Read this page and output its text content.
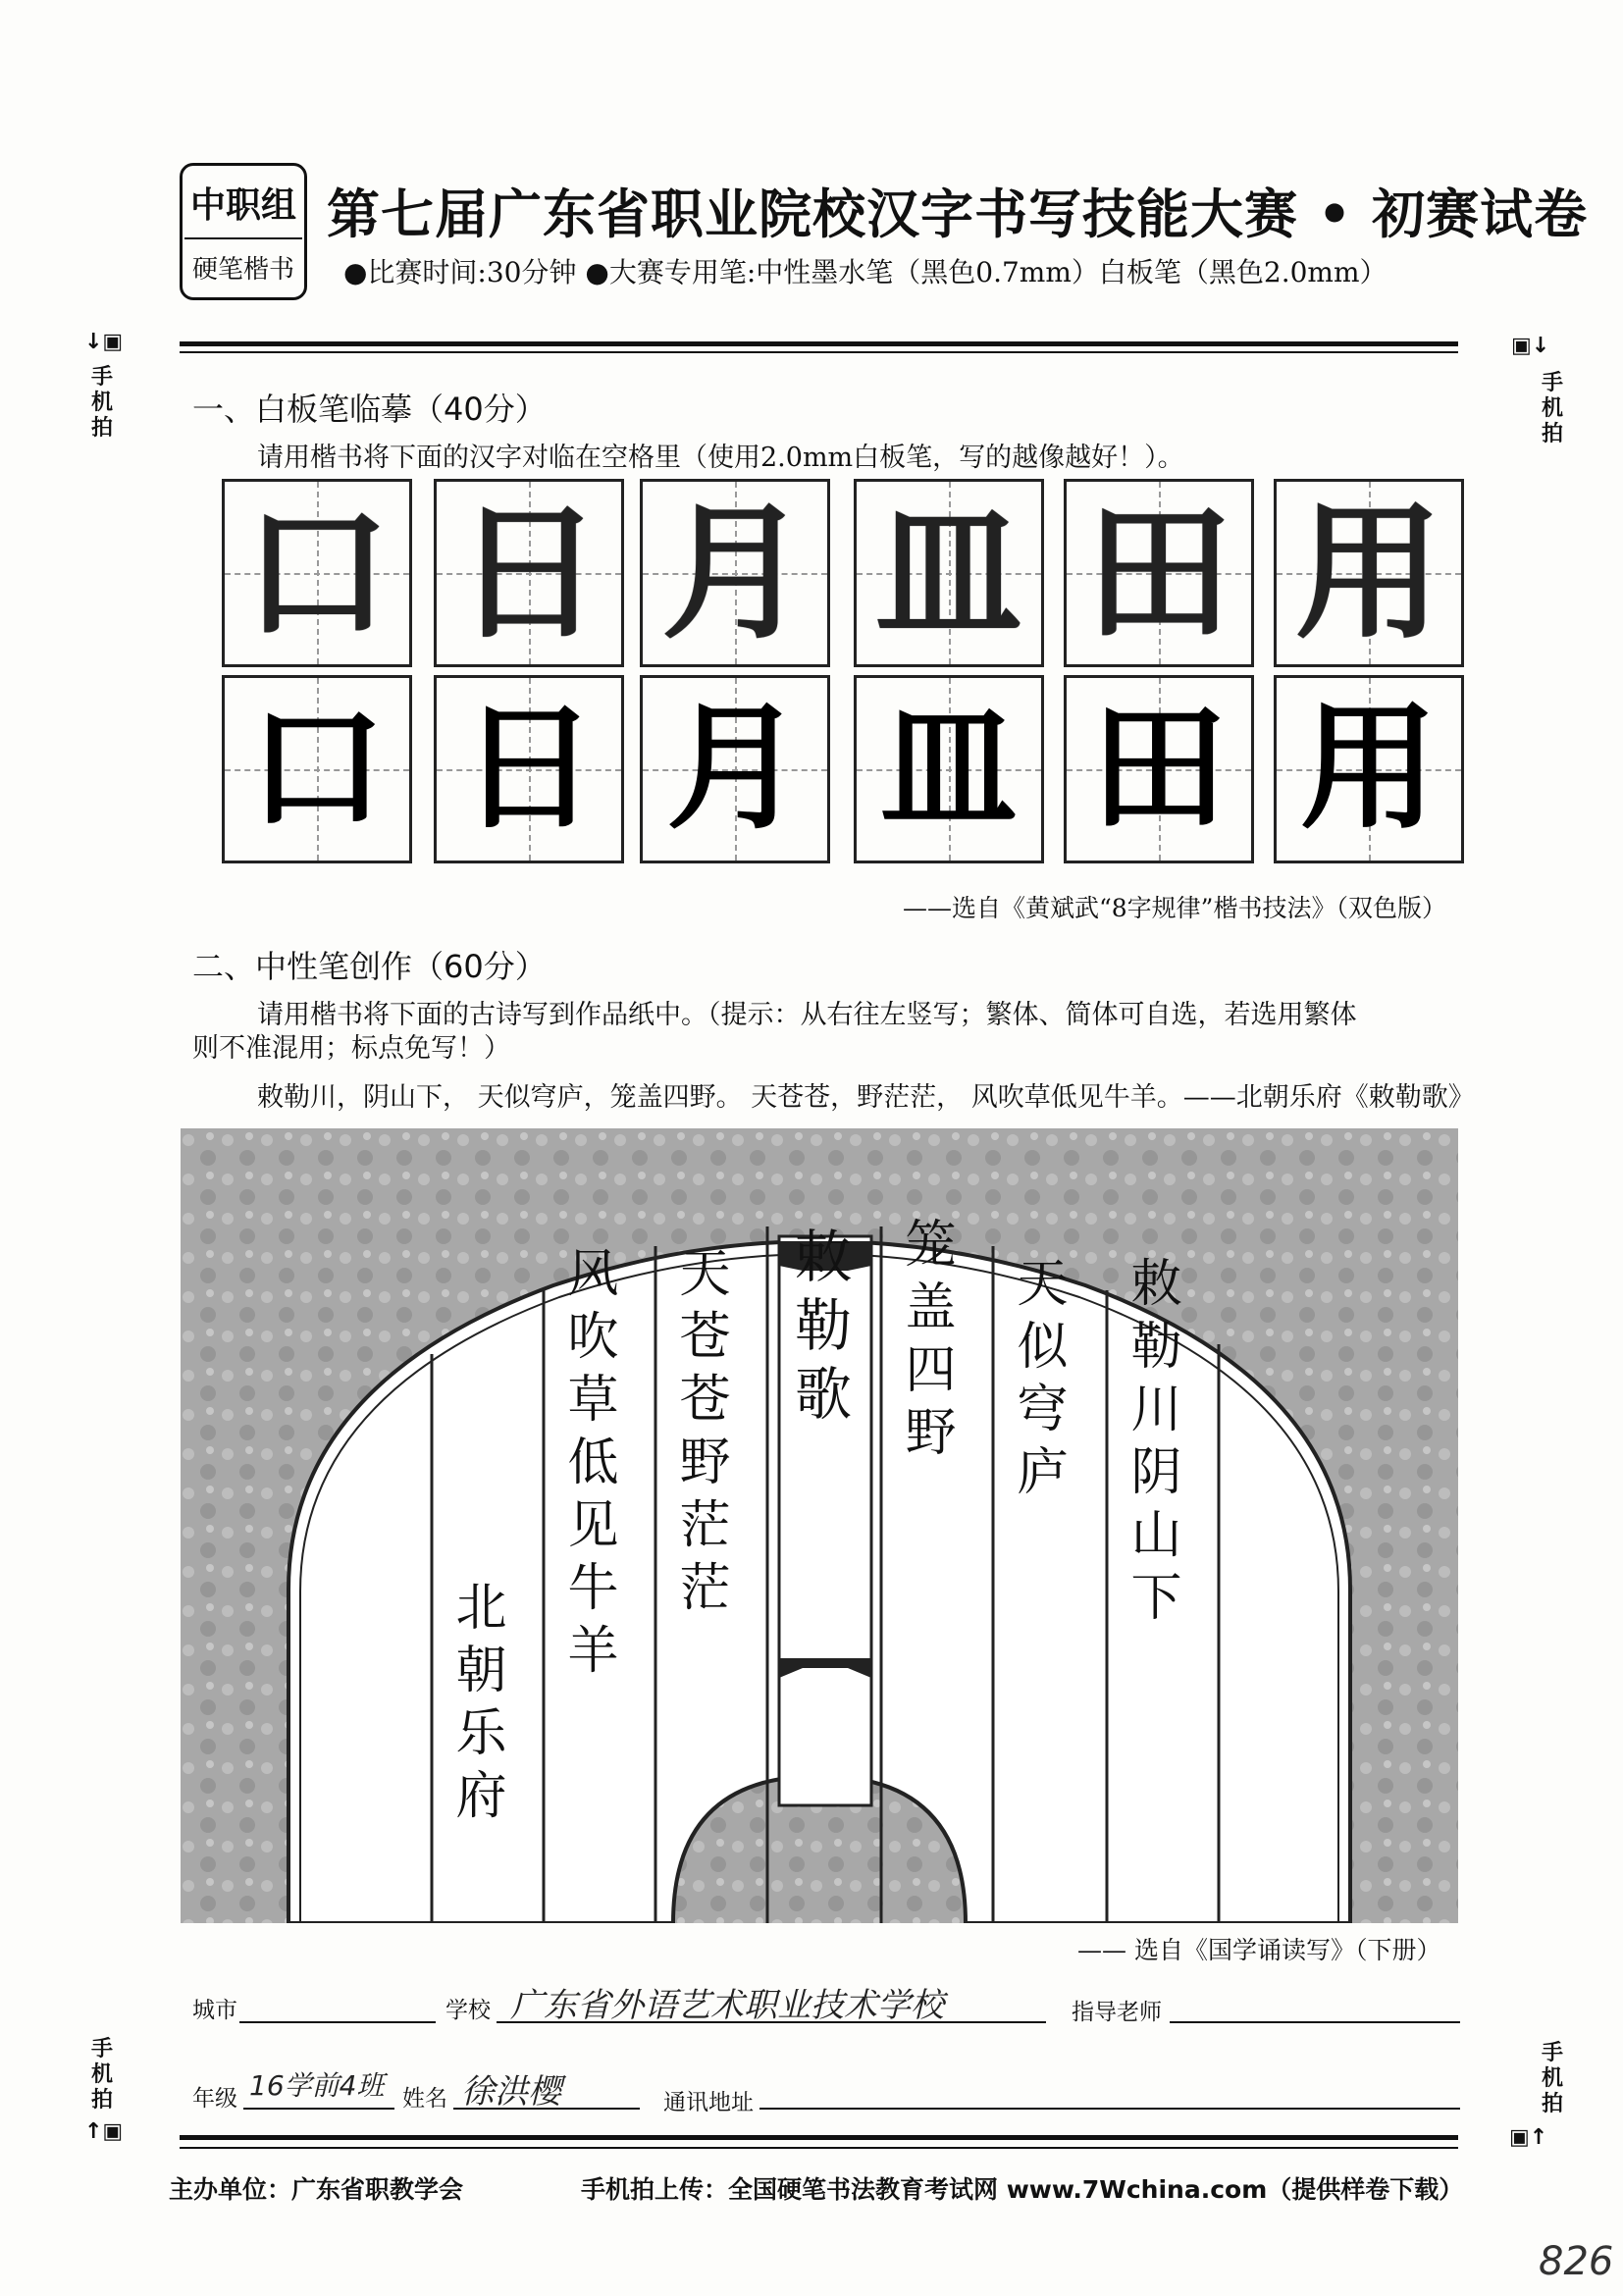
中职组
硬笔楷书
第七届广东省职业院校汉字书写技能大赛 • 初赛试卷
●比赛时间:30分钟 ●大赛专用笔:中性墨水笔（黑色0.7mm）白板笔（黑色2.0mm）
↓▣
手机拍
▣↓
手机拍
一、白板笔临摹（40分）
请用楷书将下面的汉字对临在空格里（使用2.0mm白板笔，写的越像越好！）。
口 日 月 皿 田 用
口 日 月 皿 田 用
——选自《黄斌武“8字规律”楷书技法》（双色版）
二、中性笔创作（60分）
请用楷书将下面的古诗写到作品纸中。（提示：从右往左竖写；繁体、简体可自选，若选用繁体
则不准混用；标点免写！）
敕勒川，阴山下， 天似穹庐，笼盖四野。 天苍苍，野茫茫， 风吹草低见牛羊。——北朝乐府《敕勒歌》
敕勒川阴山下
天似穹庐
笼盖四野
敕勒歌
天苍苍野茫茫
风吹草低见牛羊
北朝乐府
—— 选自《国学诵读写》（下册）
城市	学校 广东省外语艺术职业技术学校	指导老师
年级 16学前4班 姓名 徐洪樱	通讯地址
手机拍
↑▣
手机拍
▣↑
主办单位：广东省职教学会	手机拍上传：全国硬笔书法教育考试网 www.7Wchina.com（提供样卷下载）
826
